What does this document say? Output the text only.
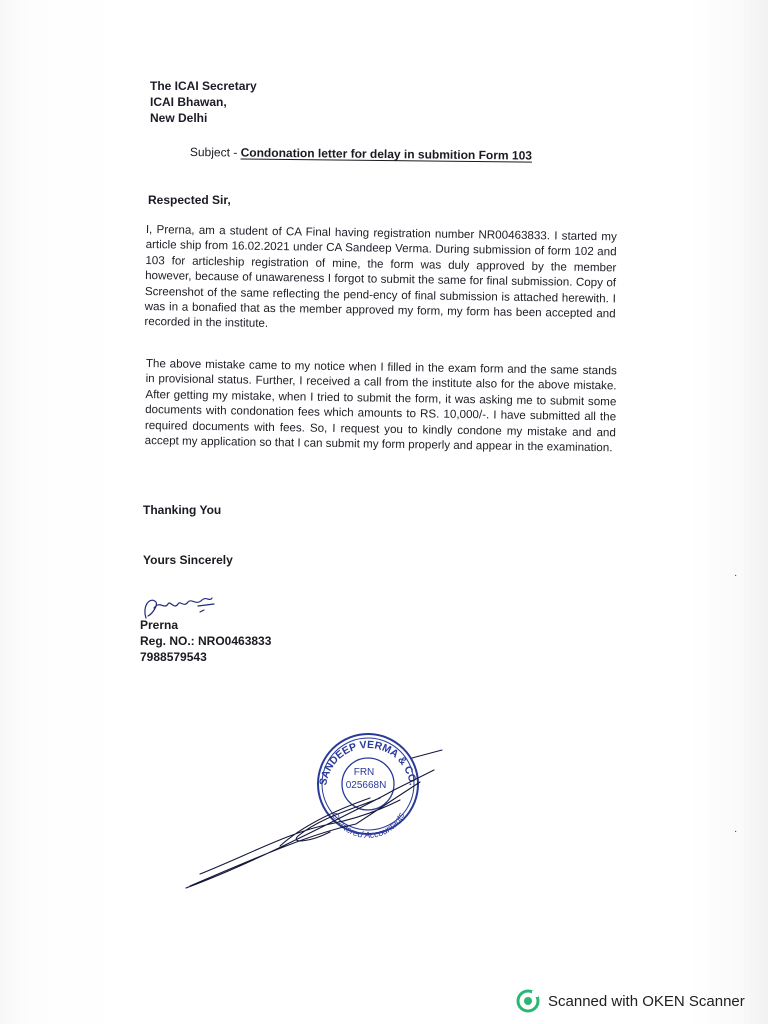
The ICAI Secretary
ICAI Bhawan,
New Delhi
Subject - Condonation letter for delay in submition Form 103
Respected Sir,
I, Prerna, am a student of CA Final having registration number NR00463833. I started my article ship from 16.02.2021 under CA Sandeep Verma. During submission of form 102 and 103 for articleship registration of mine, the form was duly approved by the member however, because of unawareness I forgot to submit the same for final submission. Copy of Screenshot of the same reflecting the pend-ency of final submission is attached herewith. I was in a bonafied that as the member approved my form, my form has been accepted and recorded in the institute.
The above mistake came to my notice when I filled in the exam form and the same stands in provisional status. Further, I received a call from the institute also for the above mistake. After getting my mistake, when I tried to submit the form, it was asking me to submit some documents with condonation fees which amounts to RS. 10,000/-. I have submitted all the required documents with fees. So, I request you to kindly condone my mistake and and accept my application so that I can submit my form properly and appear in the examination.
Thanking You
Yours Sincerely
Prerna
Reg. NO.: NRO0463833
7988579543
SANDEEP VERMA & CO.
Chartered Accountants
FRN
025668N
·
·
Scanned with OKEN Scanner
